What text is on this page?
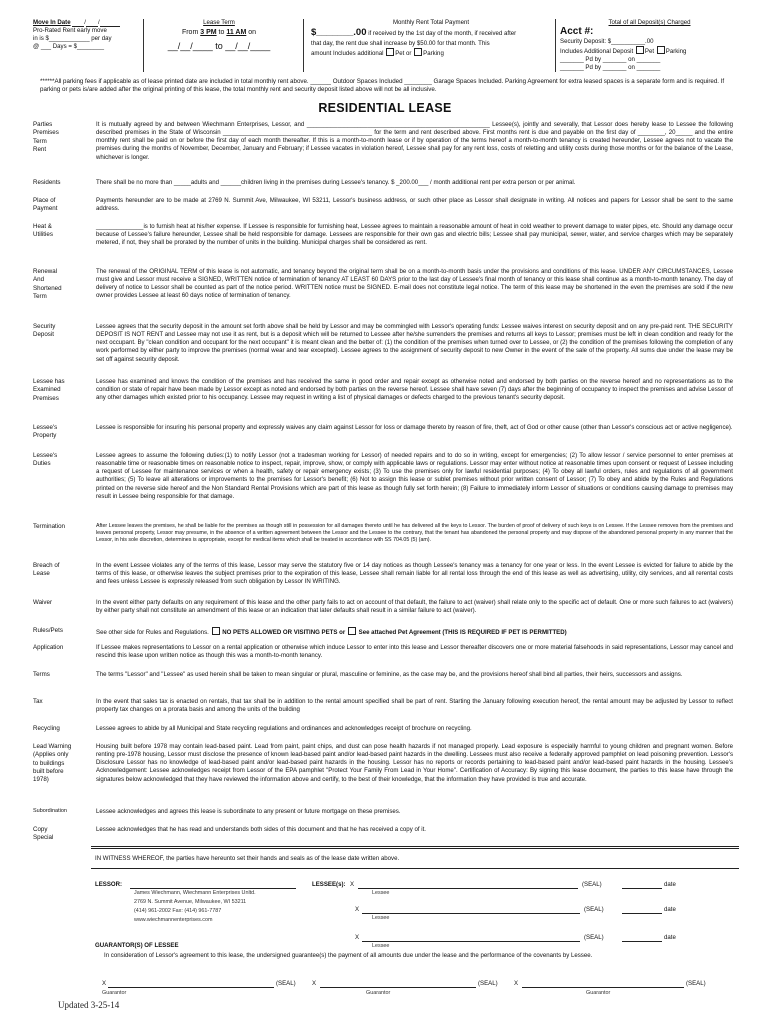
Move In Date / /
Pro-Rated Rent early move
in is $____________ per day
@ ___ Days = $________
Lease Term
From 3 PM to 11 AM on
__/__/____ to __/__/____
Monthly Rent Total Payment
$_______.00 if received by the 1st day of the month, if received after
that day, the rent due shall increase by $50.00 for that month. This
amount Includes additional Pet or Parking
Total of all Deposit(s) Charged
Acct #:
Security Deposit: $__________.00
Includes Additional Deposit Pet Parking
_______ Pd by _______ on _______
_______ Pd by _______ on _______
******All parking fees if applicable as of lease printed date are included in total monthly rent above. ______ Outdoor Spaces Included ________ Garage Spaces Included. Parking Agreement for extra leased spaces is a separate form and is required. If parking or pets is/are added after the original printing of this lease, the total monthly rent and security deposit listed above will not be all inclusive.
RESIDENTIAL LEASE
Parties
Premises
Term
Rent
It is mutually agreed by and between Wiechmann Enterprises, Lessor, and ______________________________________________________ Lessee(s), jointly and severally, that Lessor does hereby lease to Lessee the following described premises in the State of Wisconsin ____________________________________________ for the term and rent described above. First months rent is due and payable on the first day of ________, 20_____ and the entire monthly rent shall be paid on or before the first day of each month thereafter. If this is a month-to-month lease or if by operation of the terms hereof a month-to-month tenancy is created hereunder, Lessee agrees not to vacate the premises during the months of November, December, January and February; if Lessee vacates in violation hereof, Lessee shall pay for any rent loss, costs of reletting and utility costs during those months or for the balance of the Lease, whichever is longer.
Residents	There shall be no more than _____adults and ______children living in the premises during Lessee's tenancy. $ _200.00___ / month additional rent per extra person or per animal.
Place of
Payment
Payments hereunder are to be made at 2769 N. Summit Ave, Milwaukee, WI 53211, Lessor's business address, or such other place as Lessor shall designate in writing. All notices and papers for Lessor shall be sent to the same address.
Heat &
Utilities
______________is to furnish heat at his/her expense. If Lessee is responsible for furnishing heat, Lessee agrees to maintain a reasonable amount of heat in cold weather to prevent damage to water pipes, etc. Should any damage occur because of Lessee's failure hereunder, Lessee shall be held responsible for damage. Lessees are responsible for their own gas and electric bills; Lessee shall pay municipal, sewer, water, and service charges which may be separately metered, if not, they shall be prorated by the number of units in the building. Municipal charges shall be considered as rent.
Renewal
And
Shortened
Term
The renewal of the ORIGINAL TERM of this lease is not automatic, and tenancy beyond the original term shall be on a month-to-month basis under the provisions and conditions of this lease. UNDER ANY CIRCUMSTANCES, Lessee must give and Lessor must receive a SIGNED, WRITTEN notice of termination of tenancy AT LEAST 60 DAYS prior to the last day of Lessee's final month of tenancy or this lease shall continue as a month-to-month tenancy. The day of delivery of notice to Lessor shall be counted as part of the notice period. WRITTEN notice must be SIGNED. E-mail does not constitute legal notice. The term of this lease may be shortened in the even the premises are sold if the new owner provides Lessee at least 60 days notice of termination of tenancy.
Security
Deposit
Lessee agrees that the security deposit in the amount set forth above shall be held by Lessor and may be commingled with Lessor's operating funds: Lessee waives interest on security deposit and on any pre-paid rent. THE SECURITY DEPOSIT IS NOT RENT and Lessee may not use it as rent, but is a deposit which will be returned to Lessee after he/she surrenders the premises and returns all keys to Lessor; premises must be left in clean condition and ready for the next occupant. By "clean condition and occupant for the next occupant" it is meant clean and the better of: (1) the condition of the premises when turned over to Lessee, or (2) the condition of the premises following the completion of any work performed by either party to improve the premises (normal wear and tear excepted). Lessee agrees to the assignment of security deposit to new Owner in the event of the sale of the property. All sums due under the lease may be set off against security deposit.
Lessee has
Examined
Premises
Lessee has examined and knows the condition of the premises and has received the same in good order and repair except as otherwise noted and endorsed by both parties on the reverse hereof and no representations as to the condition or state of repair have been made by Lessor except as noted and endorsed by both parties on the reverse hereof. Lessee shall have seven (7) days after the beginning of occupancy to inspect the premises and advise Lessor of any other damages which existed prior to his occupancy. Lessee may request in writing a list of physical damages or defects charged to the previous tenant's security deposit.
Lessee's
Property
Lessee is responsible for insuring his personal property and expressly waives any claim against Lessor for loss or damage thereto by reason of fire, theft, act of God or other cause (other than Lessor's conscious act or active negligence).
Lessee's
Duties
Lessee agrees to assume the following duties:(1) to notify Lessor (not a tradesman working for Lessor) of needed repairs and to do so in writing, except for emergencies; (2) To allow lessor / service personnel to enter premises at reasonable time or reasonable times on reasonable notice to inspect, repair, improve, show, or comply with applicable laws or regulations. Lessor may enter without notice at reasonable times upon consent or request of Lessee including a request of Lessee for maintenance services or when a health, safety or repair emergency exists; (3) To use the premises only for lawful residential purposes; (4) To obey all lawful orders, rules and regulations of all government authorities; (5) To leave all alterations or improvements to the premises for Lessor's benefit; (6) Not to assign this lease or sublet premises without prior written consent of Lessor; (7) To obey and abide by the Rules and Regulations printed on the reverse side hereof and the Non Standard Rental Provisions which are part of this lease as though fully set forth herein; (8) Failure to immediately inform Lessor of situations or conditions causing damage to premises may result in Lessee being responsible for that damage.
Termination	After Lessee leaves the premises, he shall be liable for the premises as though still in possession for all damages thereto until he has delivered all the keys to Lessor. The burden of proof of delivery of such keys is on Lessee. If the Lessee removes from the premises and leaves personal property, Lessor may presume, in the absence of a written agreement between the Lessor and the Lessee to the contrary, that the tenant has abandoned the personal property and may dispose of the abandoned personal property in any manner that the Lessor, in his sole discretion, determines is appropriate, except for medical items which shall be treated in accordance with SS 704.05 (5) (am).
Breach of
Lease
In the event Lessee violates any of the terms of this lease, Lessor may serve the statutory five or 14 day notices as though Lessee's tenancy was a tenancy for one year or less. In the event Lessee is evicted for failure to abide by the terms of this lease, or otherwise leaves the subject premises prior to the expiration of this lease, Lessee shall remain liable for all rental loss through the end of this lease as well as advertising, utility, city services, and all rerental costs and fees unless Lessee is expressly released from such obligation by Lessor IN WRITING.
Waiver	In the event either party defaults on any requirement of this lease and the other party fails to act on account of that default, the failure to act (waiver) shall relate only to the specific act of default. One or more such failures to act (waivers) by either party shall not constitute an amendment of this lease or an indication that later defaults shall result in a similar failure to act (waiver).
Rules/Pets	See other side for Rules and Regulations. NO PETS ALLOWED OR VISITING PETS or See attached Pet Agreement (THIS IS REQUIRED IF PET IS PERMITTED)
Application	If Lessee makes representations to Lessor on a rental application or otherwise which induce Lessor to enter into this lease and Lessor thereafter discovers one or more material falsehoods in said representations, Lessor may cancel and rescind this lease upon written notice as though this was a month-to-month tenancy.
Terms	The terms "Lessor" and "Lessee" as used herein shall be taken to mean singular or plural, masculine or feminine, as the case may be, and the provisions hereof shall bind all parties, their heirs, successors and assigns.
Tax	In the event that sales tax is enacted on rentals, that tax shall be in addition to the rental amount specified shall be part of rent. Starting the January following execution hereof, the rental amount may be adjusted by Lessor to reflect property tax changes on a prorata basis and among the units of the building
Recycling	Lessee agrees to abide by all Municipal and State recycling regulations and ordinances and acknowledges receipt of brochure on recycling.
Lead Warning
(Applies only
to buildings
built before
1978)
Housing built before 1978 may contain lead-based paint. Lead from paint, paint chips, and dust can pose health hazards if not managed properly. Lead exposure is especially harmful to young children and pregnant women. Before renting pre-1978 housing, Lessor must disclose the presence of known lead-based paint and/or lead-based paint hazards in the dwelling. Lessees must also receive a federally approved pamphlet on lead poisoning prevention. Lessor's Disclosure Lessor has no knowledge of lead-based paint and/or lead-based paint hazards in the housing. Lessor has no reports or records pertaining to lead-based paint and/or lead-based paint hazards in the housing. Lessee's Acknowledgement: Lessee acknowledges receipt from Lessor of the EPA pamphlet "Protect Your Family From Lead in Your Home". Certification of Accuracy: By signing this lease document, the parties to this lease have through the signatures below acknowledged that they have reviewed the information above and certify, to the best of their knowledge, that the information they have provided is true and accurate.
Subordination	Lessee acknowledges and agrees this lease is subordinate to any present or future mortgage on these premises.
Copy
Special
Lessee acknowledges that he has read and understands both sides of this document and that he has received a copy of it.
IN WITNESS WHEREOF, the parties have hereunto set their hands and seals as of the lease date written above.
LESSOR:
James Wiechmann, Wiechmann Enterprises Unltd.
2769 N. Summit Avenue, Milwaukee, WI 53211
(414) 961-2002 Fax: (414) 961-7787
www.wiechmannenterprises.com
LESSEE(s): X	(SEAL)	date
Lessee
X	(SEAL)	date
Lessee
X	(SEAL)	date
Lessee
GUARANTOR(S) OF LESSEE
In consideration of Lessor's agreement to this lease, the undersigned guarantee(s) the payment of all amounts due under the lease and the performance of the covenants by Lessee.
X	(SEAL)
Guarantor
X	(SEAL)
Guarantor
X	(SEAL)
Guarantor
Updated 3-25-14
